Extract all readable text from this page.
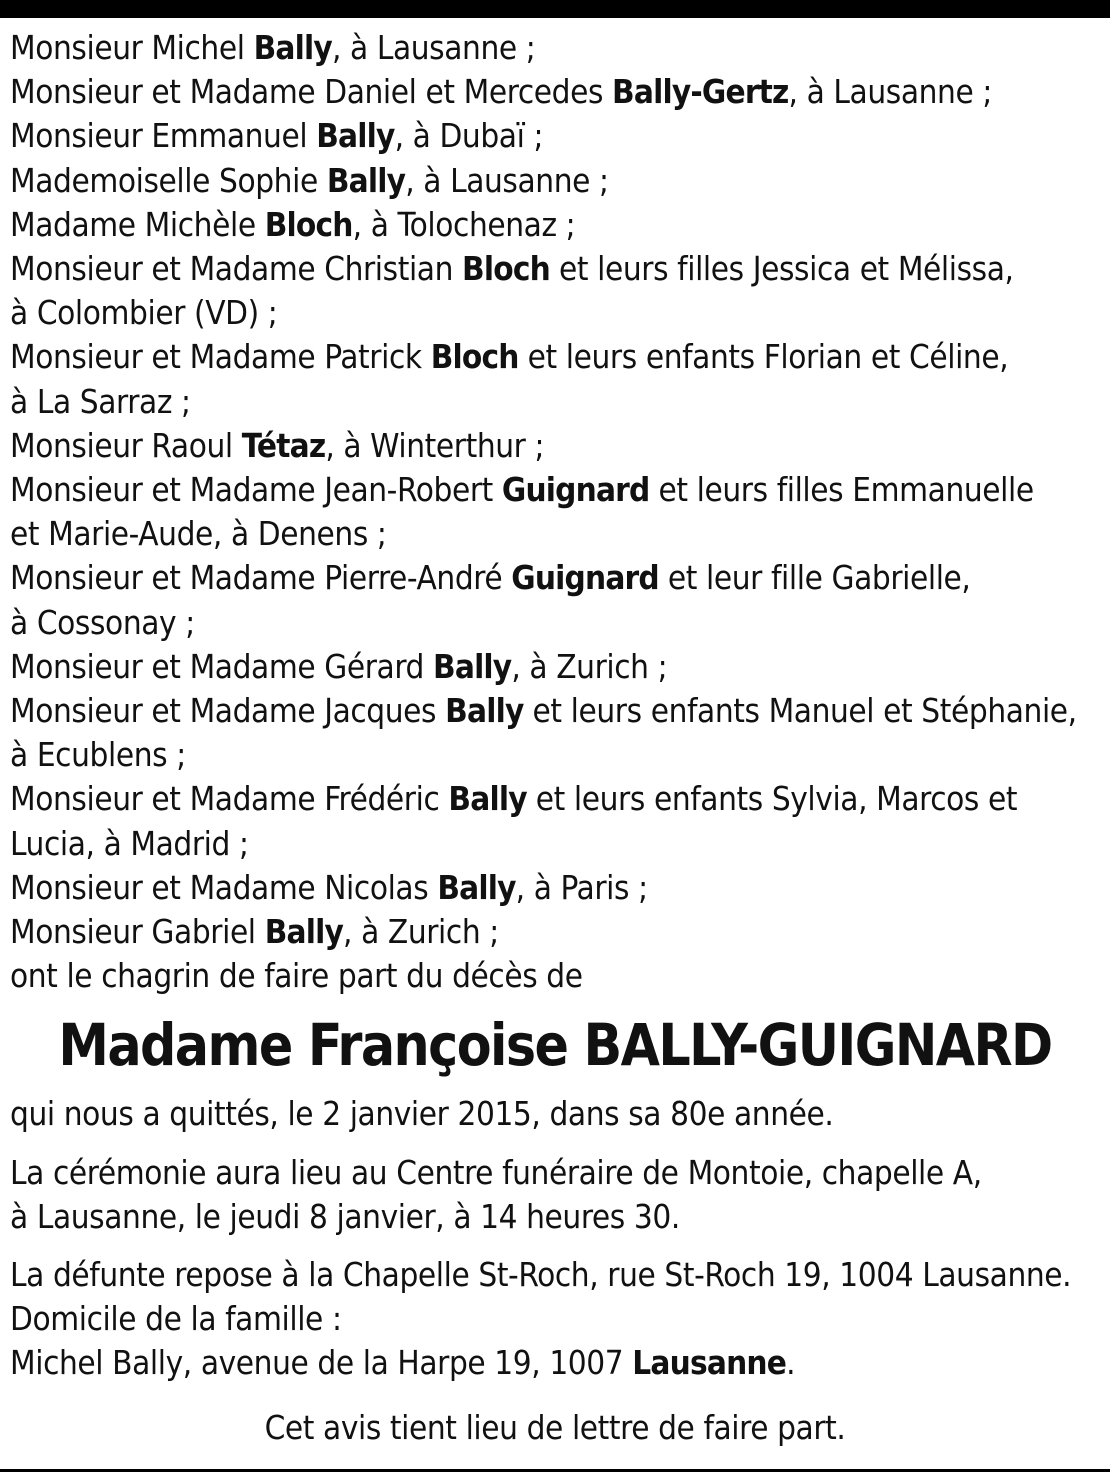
Monsieur Michel Bally, à Lausanne ;
Monsieur et Madame Daniel et Mercedes Bally-Gertz, à Lausanne ;
Monsieur Emmanuel Bally, à Dubaï ;
Mademoiselle Sophie Bally, à Lausanne ;
Madame Michèle Bloch, à Tolochenaz ;
Monsieur et Madame Christian Bloch et leurs filles Jessica et Mélissa,
à Colombier (VD) ;
Monsieur et Madame Patrick Bloch et leurs enfants Florian et Céline,
à La Sarraz ;
Monsieur Raoul Tétaz, à Winterthur ;
Monsieur et Madame Jean-Robert Guignard et leurs filles Emmanuelle
et Marie-Aude, à Denens ;
Monsieur et Madame Pierre-André Guignard et leur fille Gabrielle,
à Cossonay ;
Monsieur et Madame Gérard Bally, à Zurich ;
Monsieur et Madame Jacques Bally et leurs enfants Manuel et Stéphanie,
à Ecublens ;
Monsieur et Madame Frédéric Bally et leurs enfants Sylvia, Marcos et
Lucia, à Madrid ;
Monsieur et Madame Nicolas Bally, à Paris ;
Monsieur Gabriel Bally, à Zurich ;
ont le chagrin de faire part du décès de
Madame Françoise BALLY-GUIGNARD
qui nous a quittés, le 2 janvier 2015, dans sa 80e année.
La cérémonie aura lieu au Centre funéraire de Montoie, chapelle A,
à Lausanne, le jeudi 8 janvier, à 14 heures 30.
La défunte repose à la Chapelle St-Roch, rue St-Roch 19, 1004 Lausanne.
Domicile de la famille :
Michel Bally, avenue de la Harpe 19, 1007 Lausanne.
Cet avis tient lieu de lettre de faire part.
